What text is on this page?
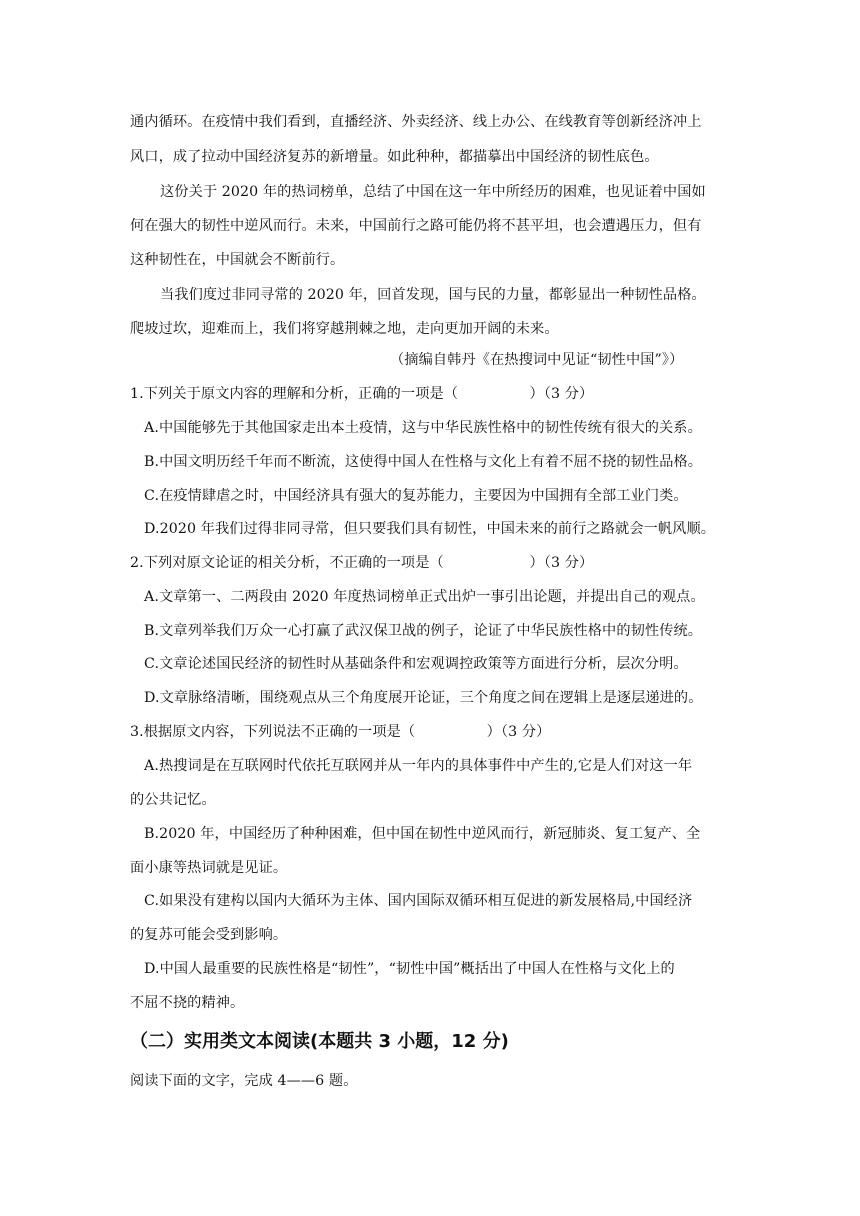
通内循环。在疫情中我们看到，直播经济、外卖经济、线上办公、在线教育等创新经济冲上
风口，成了拉动中国经济复苏的新增量。如此种种，都描摹出中国经济的韧性底色。
这份关于 2020 年的热词榜单，总结了中国在这一年中所经历的困难，也见证着中国如
何在强大的韧性中逆风而行。未来，中国前行之路可能仍将不甚平坦，也会遭遇压力，但有
这种韧性在，中国就会不断前行。
当我们度过非同寻常的 2020 年，回首发现，国与民的力量，都彰显出一种韧性品格。
爬坡过坎，迎难而上，我们将穿越荆棘之地，走向更加开阔的未来。
（摘编自韩丹《在热搜词中见证“韧性中国”》）
1.下列关于原文内容的理解和分析，正确的一项是（　　　　　）（3 分）
A.中国能够先于其他国家走出本土疫情，这与中华民族性格中的韧性传统有很大的关系。
B.中国文明历经千年而不断流，这使得中国人在性格与文化上有着不屈不挠的韧性品格。
C.在疫情肆虐之时，中国经济具有强大的复苏能力，主要因为中国拥有全部工业门类。
D.2020 年我们过得非同寻常，但只要我们具有韧性，中国未来的前行之路就会一帆风顺。
2.下列对原文论证的相关分析，不正确的一项是（　　　　　　）（3 分）
A.文章第一、二两段由 2020 年度热词榜单正式出炉一事引出论题，并提出自己的观点。
B.文章列举我们万众一心打赢了武汉保卫战的例子，论证了中华民族性格中的韧性传统。
C.文章论述国民经济的韧性时从基础条件和宏观调控政策等方面进行分析，层次分明。
D.文章脉络清晰，围绕观点从三个角度展开论证，三个角度之间在逻辑上是逐层递进的。
3.根据原文内容，下列说法不正确的一项是（　　　　　）（3 分）
A.热搜词是在互联网时代依托互联网并从一年内的具体事件中产生的,它是人们对这一年
的公共记忆。
B.2020 年，中国经历了种种困难，但中国在韧性中逆风而行，新冠肺炎、复工复产、全
面小康等热词就是见证。
C.如果没有建构以国内大循环为主体、国内国际双循环相互促进的新发展格局,中国经济
的复苏可能会受到影响。
D.中国人最重要的民族性格是“韧性”，“韧性中国”概括出了中国人在性格与文化上的
不屈不挠的精神。
（二）实用类文本阅读(本题共 3 小题，12 分)
阅读下面的文字，完成 4——6 题。
